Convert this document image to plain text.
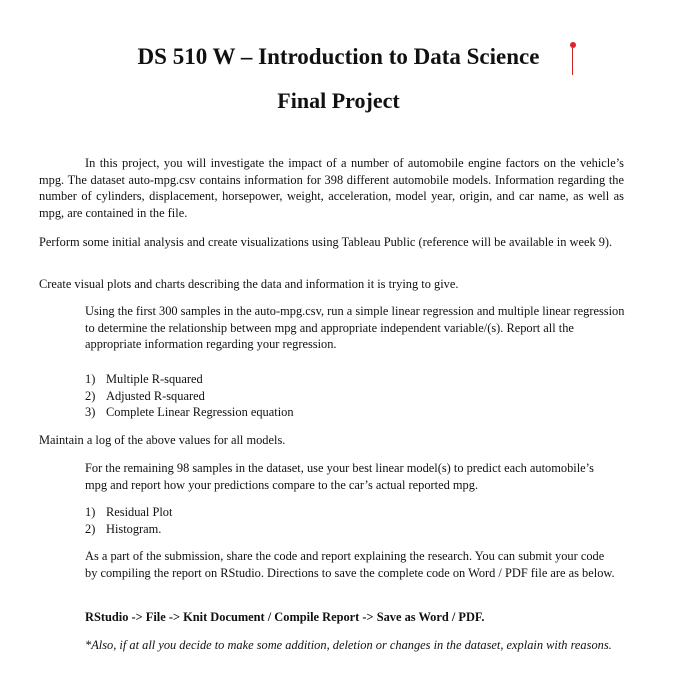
DS 510 W – Introduction to Data Science
Final Project

In this project, you will investigate the impact of a number of automobile engine factors on the vehicle’s mpg. The dataset auto-mpg.csv contains information for 398 different automobile models. Information regarding the number of cylinders, displacement, horsepower, weight, acceleration, model year, origin, and car name, as well as mpg, are contained in the file.

Perform some initial analysis and create visualizations using Tableau Public (reference will be available in week 9).

Create visual plots and charts describing the data and information it is trying to give.

Using the first 300 samples in the auto-mpg.csv, run a simple linear regression and multiple linear regression to determine the relationship between mpg and appropriate independent variable/(s). Report all the appropriate information regarding your regression.

1) Multiple R-squared
2) Adjusted R-squared
3) Complete Linear Regression equation

Maintain a log of the above values for all models.

For the remaining 98 samples in the dataset, use your best linear model(s) to predict each automobile’s mpg and report how your predictions compare to the car’s actual reported mpg.

1) Residual Plot
2) Histogram.

As a part of the submission, share the code and report explaining the research. You can submit your code by compiling the report on RStudio. Directions to save the complete code on Word / PDF file are as below.

RStudio -> File -> Knit Document / Compile Report -> Save as Word / PDF.

*Also, if at all you decide to make some addition, deletion or changes in the dataset, explain with reasons.
